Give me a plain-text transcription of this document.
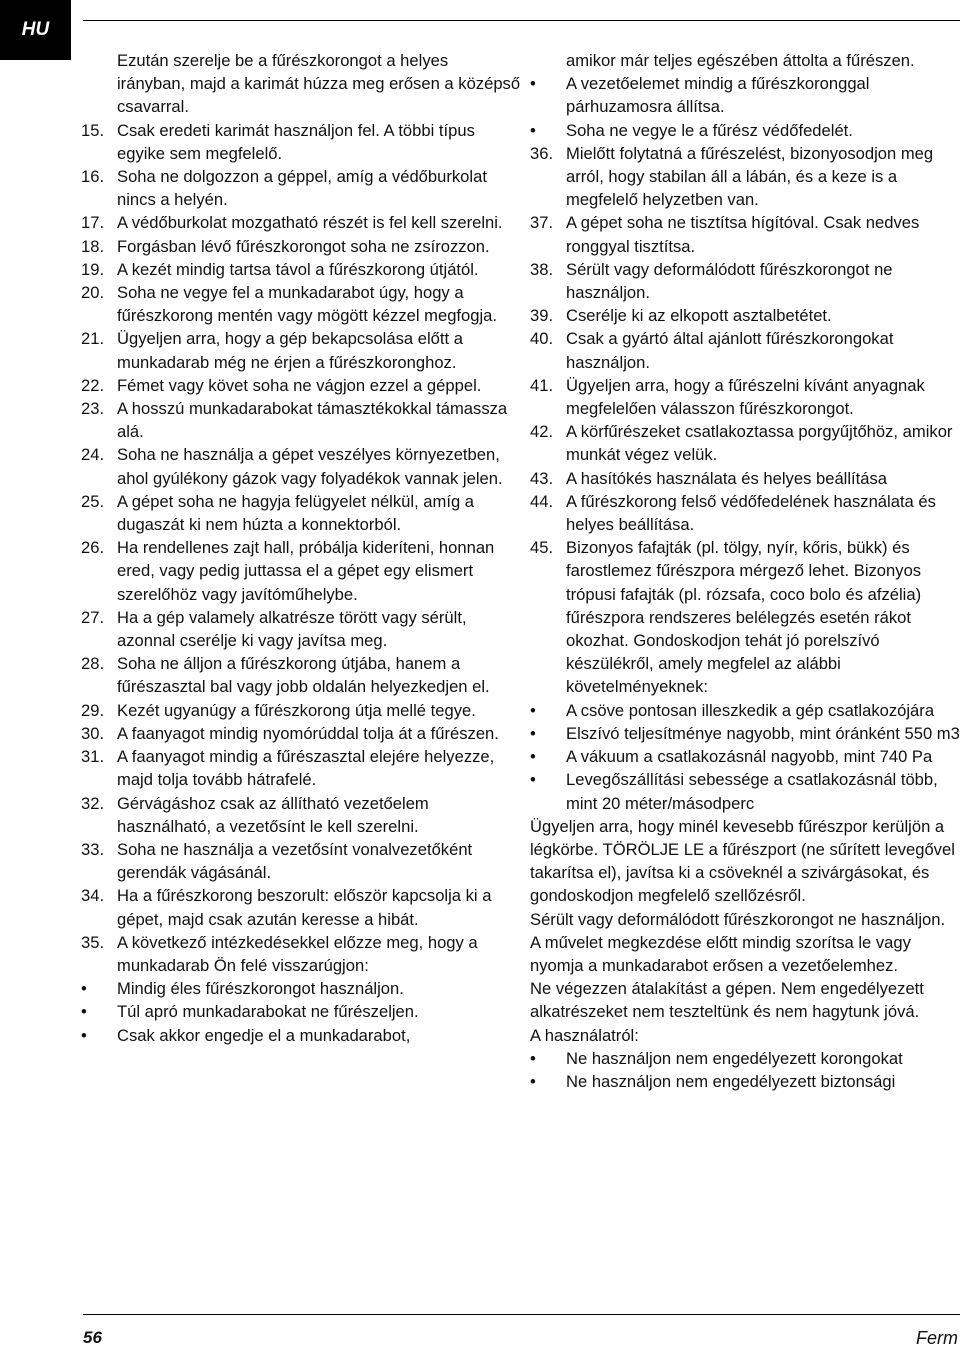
HU
Ezután szerelje be a fűrészkorongot a helyes irányban, majd a karimát húzza meg erősen a középső csavarral.
15. Csak eredeti karimát használjon fel. A többi típus egyike sem megfelelő.
16. Soha ne dolgozzon a géppel, amíg a védőburkolat nincs a helyén.
17. A védőburkolat mozgatható részét is fel kell szerelni.
18. Forgásban lévő fűrészkorongot soha ne zsírozzon.
19. A kezét mindig tartsa távol a fűrészkorong útjától.
20. Soha ne vegye fel a munkadarabot úgy, hogy a fűrészkorong mentén vagy mögött kézzel megfogja.
21. Ügyeljen arra, hogy a gép bekapcsolása előtt a munkadarab még ne érjen a fűrészkoronghoz.
22. Fémet vagy követ soha ne vágjon ezzel a géppel.
23. A hosszú munkadarabokat támasztékokkal támassza alá.
24. Soha ne használja a gépet veszélyes környezetben, ahol gyúlékony gázok vagy folyadékok vannak jelen.
25. A gépet soha ne hagyja felügyelet nélkül, amíg a dugaszát ki nem húzta a konnektorból.
26. Ha rendellenes zajt hall, próbálja kideríteni, honnan ered, vagy pedig juttassa el a gépet egy elismert szerelőhöz vagy javítóműhelybe.
27. Ha a gép valamely alkatrésze törött vagy sérült, azonnal cserélje ki vagy javítsa meg.
28. Soha ne álljon a fűrészkorong útjába, hanem a fűrészasztal bal vagy jobb oldalán helyezkedjen el.
29. Kezét ugyanúgy a fűrészkorong útja mellé tegye.
30. A faanyagot mindig nyomórúddal tolja át a fűrészen.
31. A faanyagot mindig a fűrészasztal elejére helyezze, majd tolja tovább hátrafelé.
32. Gérvágáshoz csak az állítható vezetőelem használható, a vezetősínt le kell szerelni.
33. Soha ne használja a vezetősínt vonalvezetőként gerendák vágásánál.
34. Ha a fűrészkorong beszorult: először kapcsolja ki a gépet, majd csak azután keresse a hibát.
35. A következő intézkedésekkel előzze meg, hogy a munkadarab Ön felé visszarúgjon:
• Mindig éles fűrészkorongot használjon.
• Túl apró munkadarabokat ne fűrészeljen.
• Csak akkor engedje el a munkadarabot,
amikor már teljes egészében áttolta a fűrészen.
• A vezetőelemet mindig a fűrészkoronggal párhuzamosra állítsa.
• Soha ne vegye le a fűrész védőfedelét.
36. Mielőtt folytatná a fűrészelést, bizonyosodjon meg arról, hogy stabilan áll a lábán, és a keze is a megfelelő helyzetben van.
37. A gépet soha ne tisztítsa hígítóval. Csak nedves ronggyal tisztítsa.
38. Sérült vagy deformálódott fűrészkorongot ne használjon.
39. Cserélje ki az elkopott asztalbetétet.
40. Csak a gyártó által ajánlott fűrészkorongokat használjon.
41. Ügyeljen arra, hogy a fűrészelni kívánt anyagnak megfelelően válasszon fűrészkorongot.
42. A körfűrészeket csatlakoztassa porgyűjtőhöz, amikor munkát végez velük.
43. A hasítókés használata és helyes beállítása
44. A fűrészkorong felső védőfedelének használata és helyes beállítása.
45. Bizonyos fafajták (pl. tölgy, nyír, kőris, bükk) és farostlemez fűrészpora mérgező lehet. Bizonyos trópusi fafajták (pl. rózsafa, coco bolo és afzélia) fűrészpora rendszeres belélegzés esetén rákot okozhat. Gondoskodjon tehát jó porelszívó készülékről, amely megfelel az alábbi követelményeknek:
• A csöve pontosan illeszkedik a gép csatlakozójára
• Elszívó teljesítménye nagyobb, mint óránként 550 m3
• A vákuum a csatlakozásnál nagyobb, mint 740 Pa
• Levegőszállítási sebessége a csatlakozásnál több, mint 20 méter/másodperc
Ügyeljen arra, hogy minél kevesebb fűrészpor kerüljön a légkörbe. TÖRÖLJE LE a fűrészport (ne sűrített levegővel takarítsa el), javítsa ki a csöveknél a szivárgásokat, és gondoskodjon megfelelő szellőzésről.
Sérült vagy deformálódott fűrészkorongot ne használjon.
A művelet megkezdése előtt mindig szorítsa le vagy nyomja a munkadarabot erősen a vezetőelemhez.
Ne végezzen átalakítást a gépen. Nem engedélyezett alkatrészeket nem teszteltünk és nem hagytunk jóvá.
A használatról:
• Ne használjon nem engedélyezett korongokat
• Ne használjon nem engedélyezett biztonsági
56	Ferm
